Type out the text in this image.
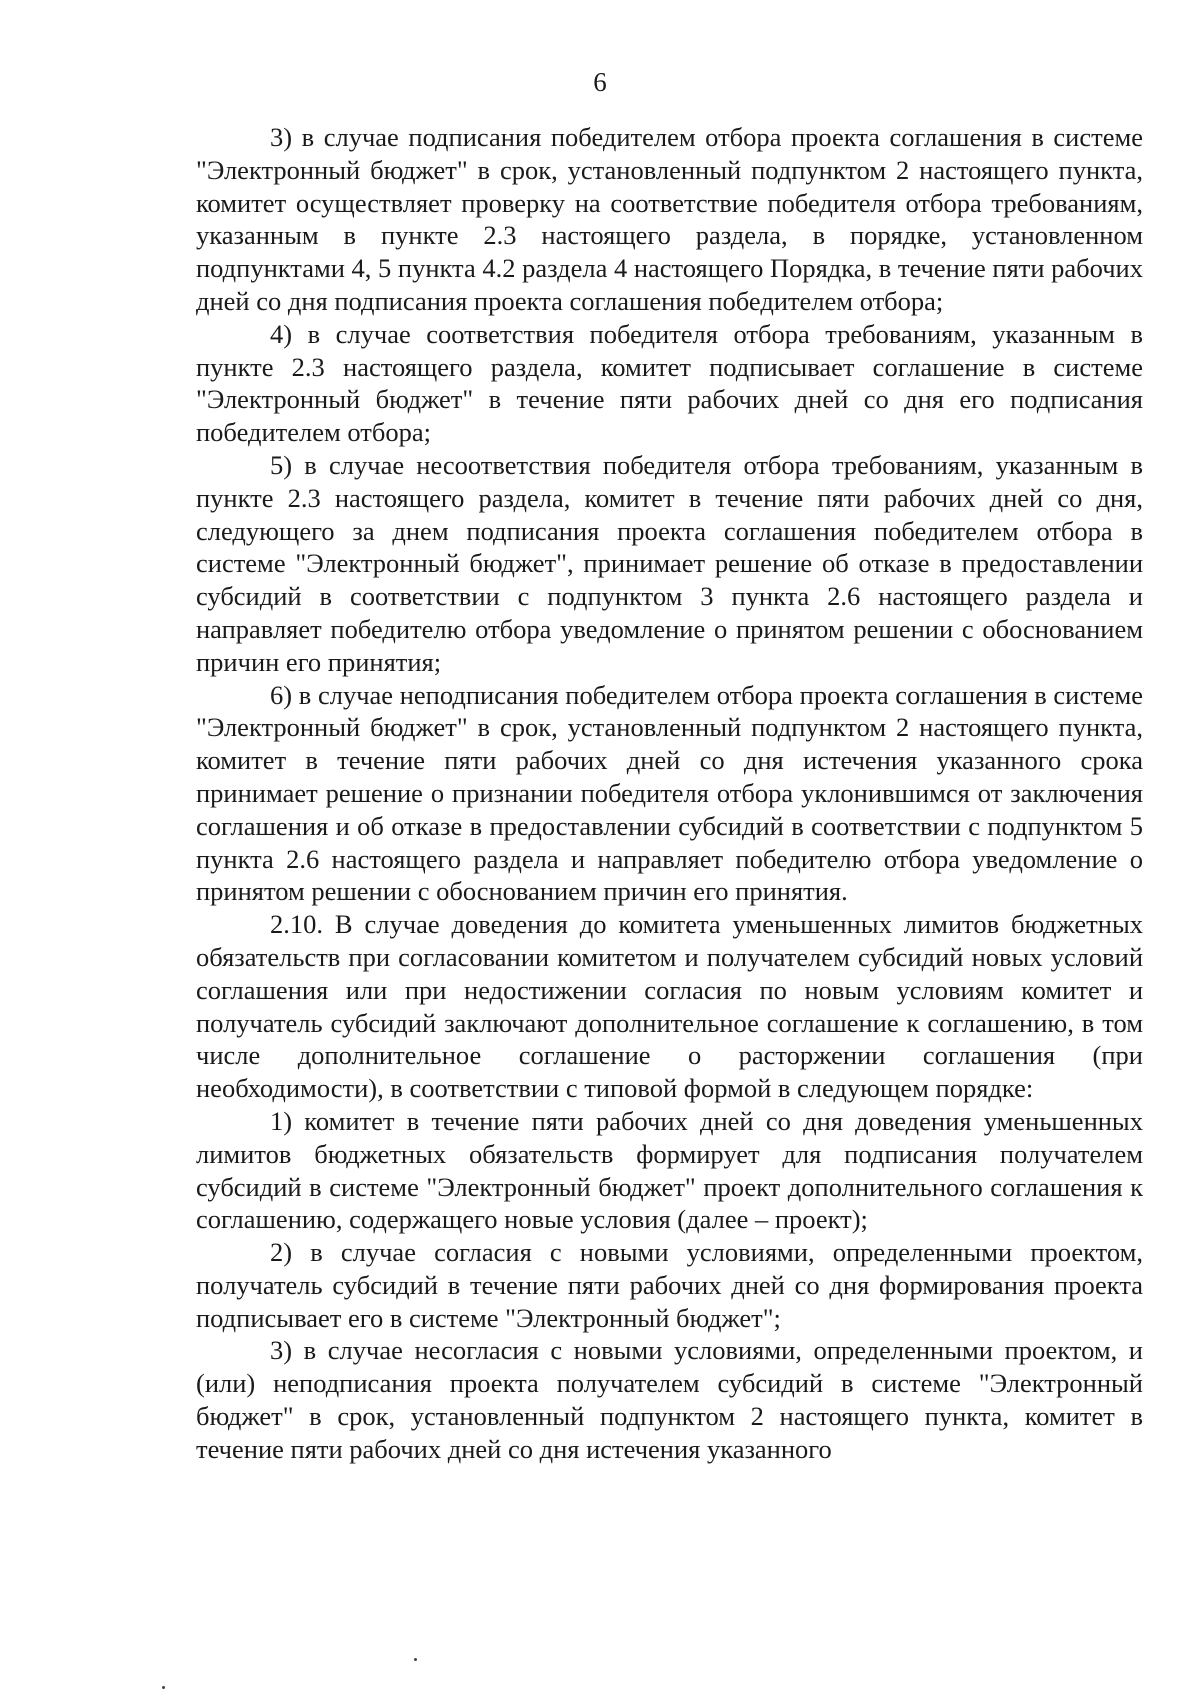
6

3) в случае подписания победителем отбора проекта соглашения в системе "Электронный бюджет" в срок, установленный подпунктом 2 настоящего пункта, комитет осуществляет проверку на соответствие победителя отбора требованиям, указанным в пункте 2.3 настоящего раздела, в порядке, установленном подпунктами 4, 5 пункта 4.2 раздела 4 настоящего Порядка, в течение пяти рабочих дней со дня подписания проекта соглашения победителем отбора;

4) в случае соответствия победителя отбора требованиям, указанным в пункте 2.3 настоящего раздела, комитет подписывает соглашение в системе "Электронный бюджет" в течение пяти рабочих дней со дня его подписания победителем отбора;

5) в случае несоответствия победителя отбора требованиям, указанным в пункте 2.3 настоящего раздела, комитет в течение пяти рабочих дней со дня, следующего за днем подписания проекта соглашения победителем отбора в системе "Электронный бюджет", принимает решение об отказе в предоставлении субсидий в соответствии с подпунктом 3 пункта 2.6 настоящего раздела и направляет победителю отбора уведомление о принятом решении с обоснованием причин его принятия;

6) в случае неподписания победителем отбора проекта соглашения в системе "Электронный бюджет" в срок, установленный подпунктом 2 настоящего пункта, комитет в течение пяти рабочих дней со дня истечения указанного срока принимает решение о признании победителя отбора уклонившимся от заключения соглашения и об отказе в предоставлении субсидий в соответствии с подпунктом 5 пункта 2.6 настоящего раздела и направляет победителю отбора уведомление о принятом решении с обоснованием причин его принятия.

2.10. В случае доведения до комитета уменьшенных лимитов бюджетных обязательств при согласовании комитетом и получателем субсидий новых условий соглашения или при недостижении согласия по новым условиям комитет и получатель субсидий заключают дополнительное соглашение к соглашению, в том числе дополнительное соглашение о расторжении соглашения (при необходимости), в соответствии с типовой формой в следующем порядке:

1) комитет в течение пяти рабочих дней со дня доведения уменьшенных лимитов бюджетных обязательств формирует для подписания получателем субсидий в системе "Электронный бюджет" проект дополнительного соглашения к соглашению, содержащего новые условия (далее – проект);

2) в случае согласия с новыми условиями, определенными проектом, получатель субсидий в течение пяти рабочих дней со дня формирования проекта подписывает его в системе "Электронный бюджет";

3) в случае несогласия с новыми условиями, определенными проектом, и (или) неподписания проекта получателем субсидий в системе "Электронный бюджет" в срок, установленный подпунктом 2 настоящего пункта, комитет в течение пяти рабочих дней со дня истечения указанного
